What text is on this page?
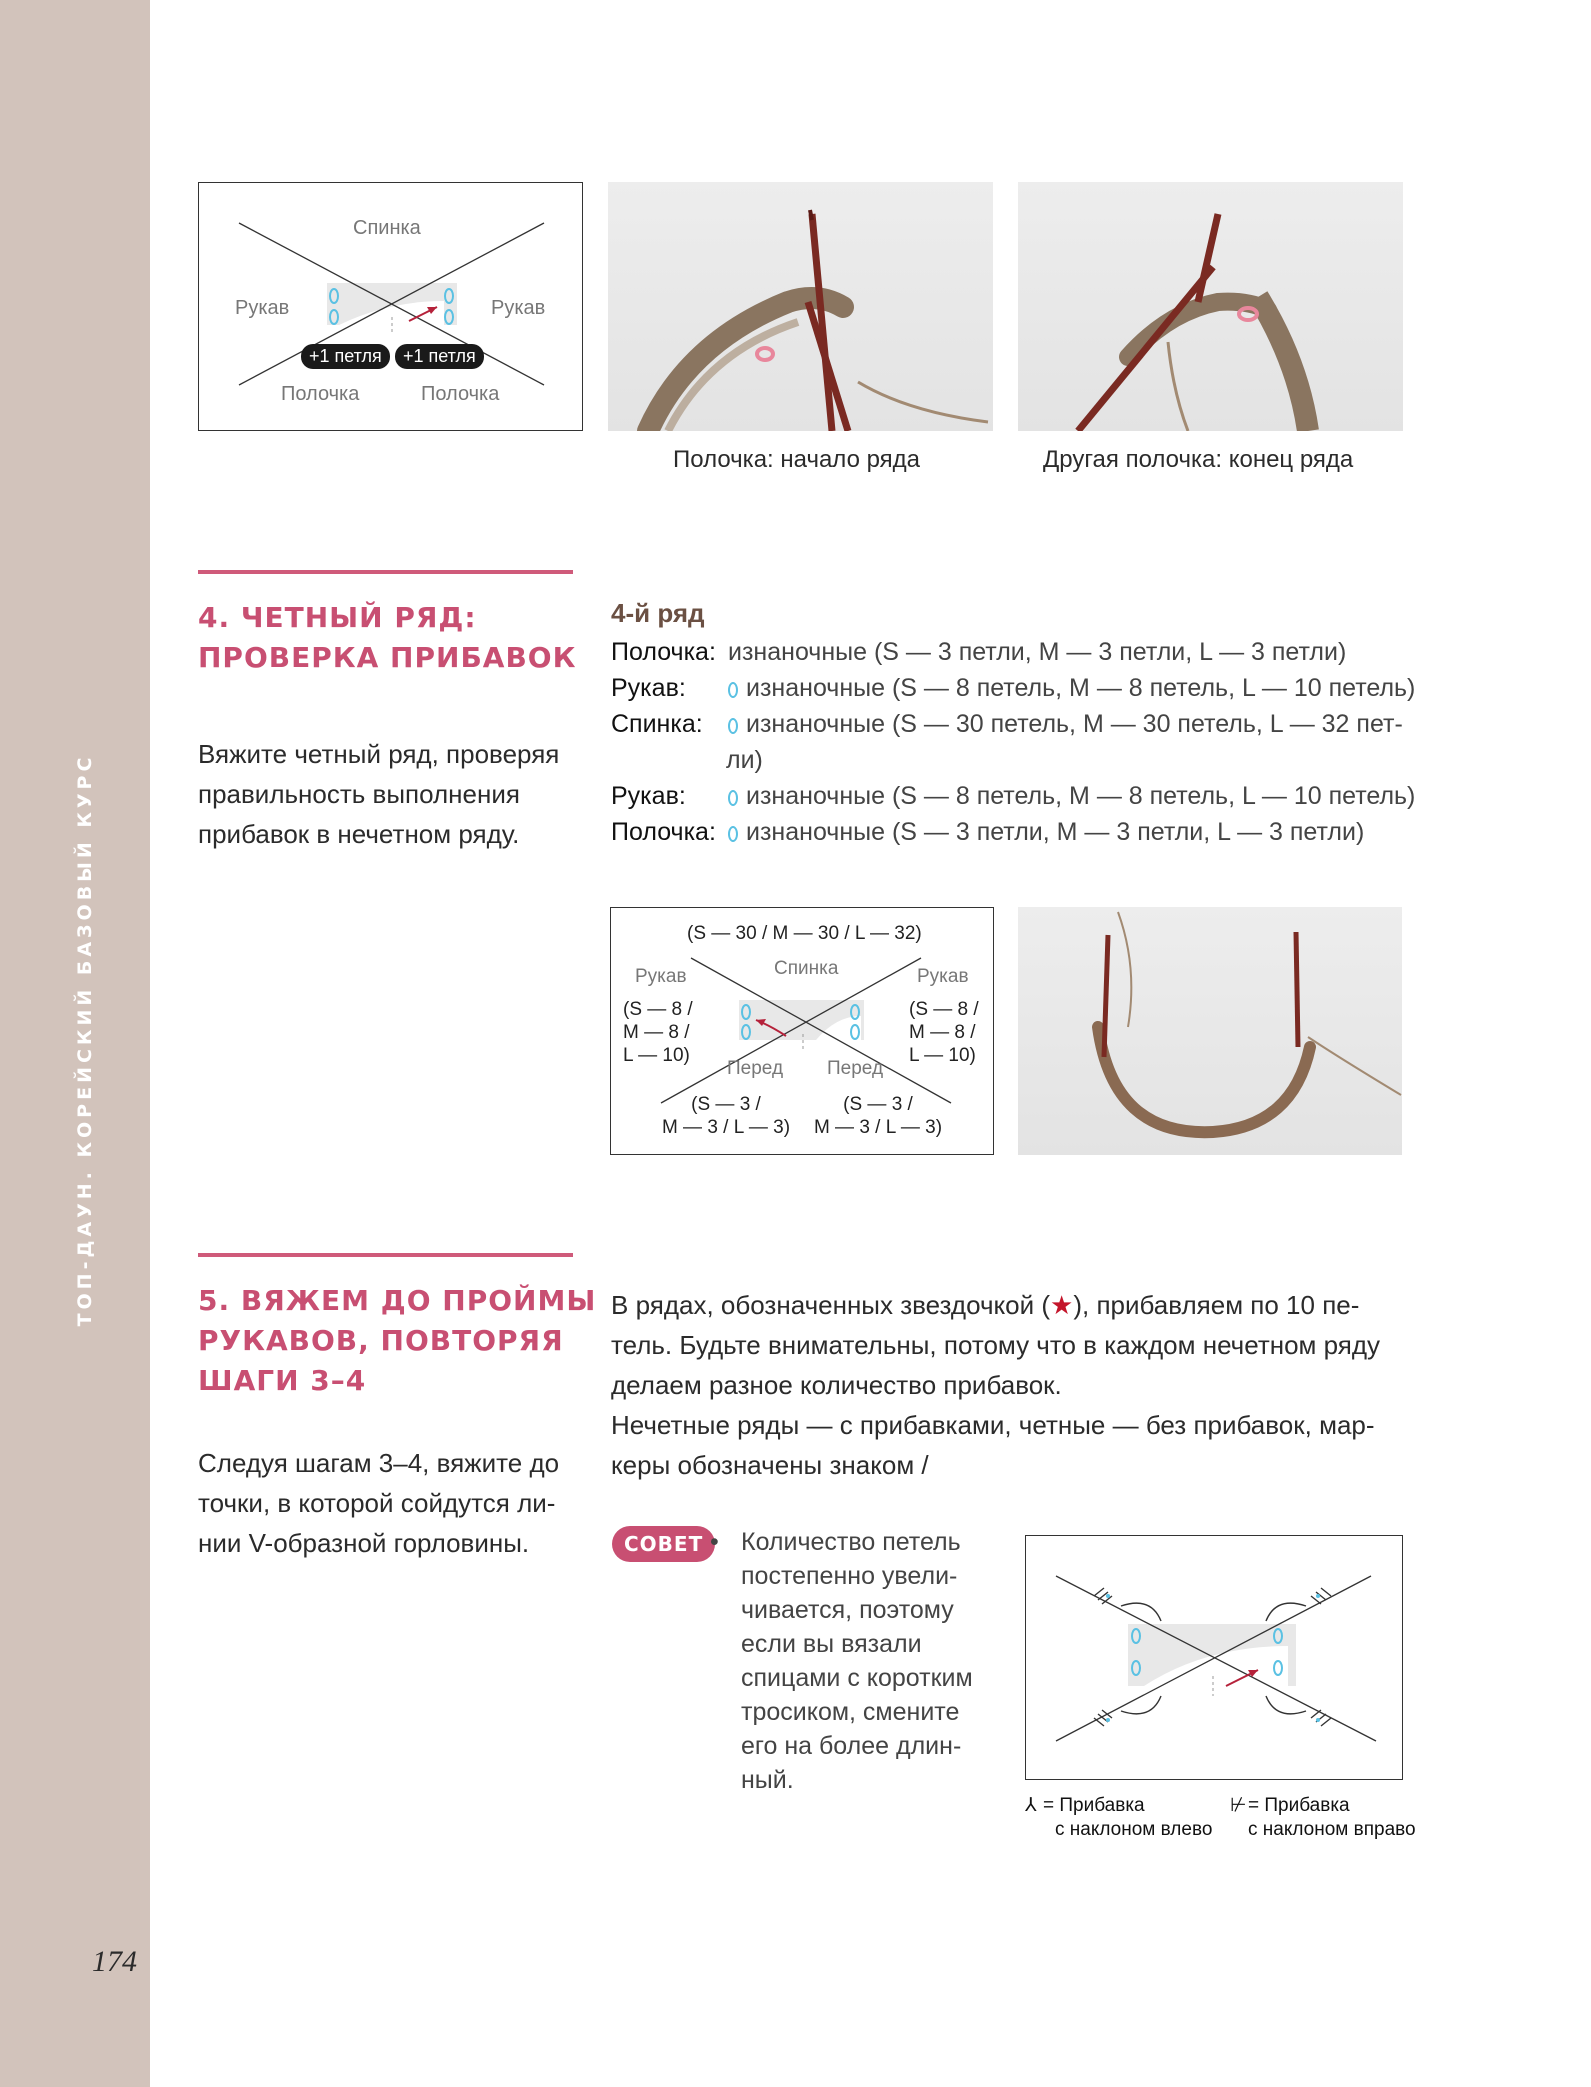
ТОП-ДАУН. КОРЕЙСКИЙ БАЗОВЫЙ КУРС
174
Спинка
Рукав	Рукав
Полочка	Полочка
+1 петля	+1 петля
Полочка: начало ряда	Другая полочка: конец ряда
4. ЧЕТНЫЙ РЯД:
ПРОВЕРКА ПРИБАВОК
Вяжите четный ряд, проверяя
правильность выполнения
прибавок в нечетном ряду.
4-й ряд
Полочка: изнаночные (S — 3 петли, M — 3 петли, L — 3 петли)
Рукав:	изнаночные (S — 8 петель, M — 8 петель, L — 10 петель)
Спинка:	изнаночные (S — 30 петель, M — 30 петель, L — 32 пет-
ли)
Рукав:	изнаночные (S — 8 петель, M — 8 петель, L — 10 петель)
Полочка:	изнаночные (S — 3 петли, M — 3 петли, L — 3 петли)
(S — 30 / M — 30 / L — 32)
Спинка
Рукав	Рукав
(S — 8 /
M — 8 /
L — 10)
(S — 8 /
M — 8 /
L — 10)
Перед Перед
(S — 3 /
M — 3 / L — 3)
(S — 3 /
M — 3 / L — 3)
5. ВЯЖЕМ ДО ПРОЙМЫ
РУКАВОВ, ПОВТОРЯЯ
ШАГИ 3–4
Следуя шагам 3–4, вяжите до
точки, в которой сойдутся ли-
нии V-образной горловины.
В рядах, обозначенных звездочкой (★), прибавляем по 10 пе-
тель. Будьте внимательны, потому что в каждом нечетном ряду
делаем разное количество прибавок.
Нечетные ряды — с прибавками, четные — без прибавок, мар-
керы обозначены знаком /
СОВЕТ • Количество петель
постепенно увели-
чивается, поэтому
если вы вязали
спицами с коротким
тросиком, смените
его на более длин-
ный.
⅄ = Прибавка
с наклоном влево
⊬= Прибавка
с наклоном вправо
